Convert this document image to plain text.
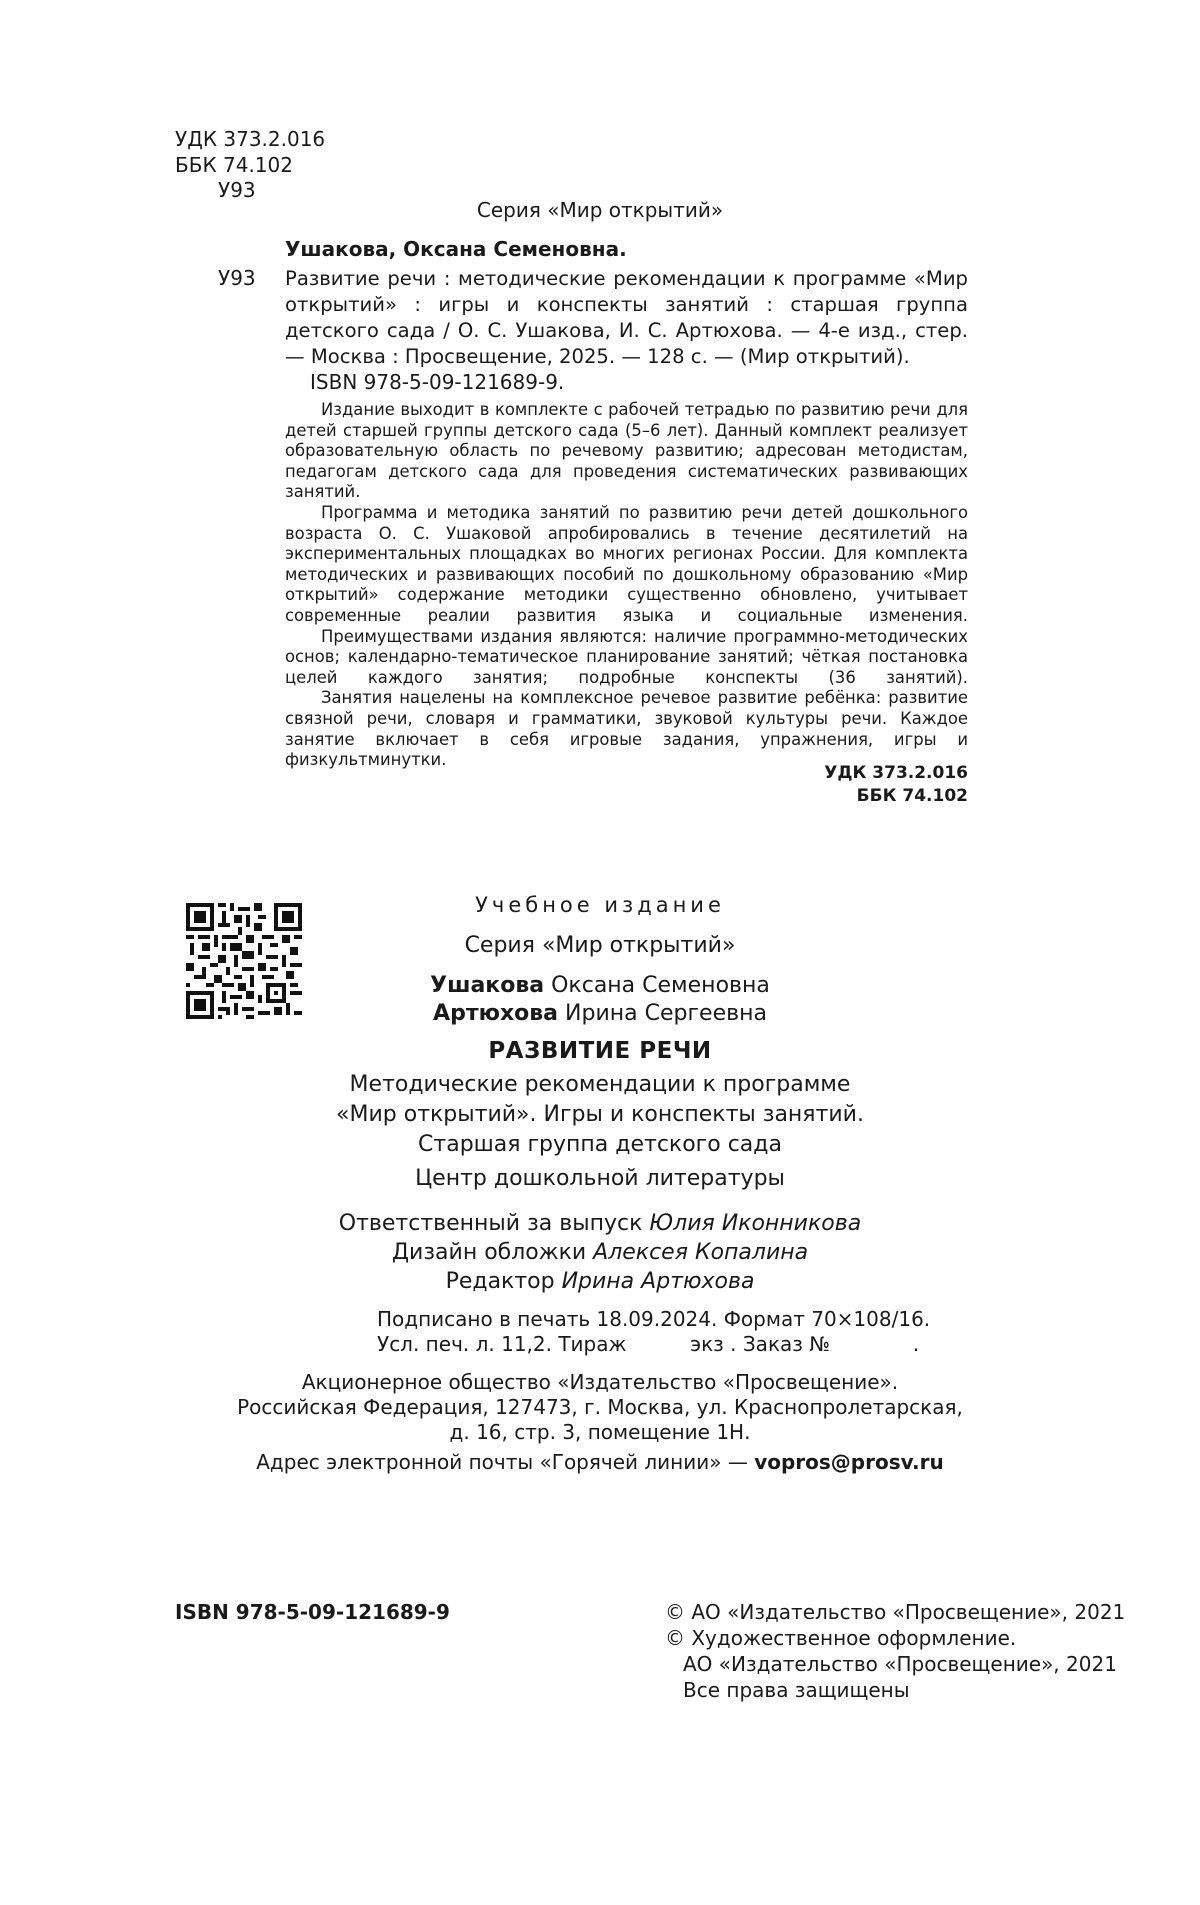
УДК 373.2.016
ББК 74.102
У93
Серия «Мир открытий»
Ушакова, Оксана Семеновна.
У93 Развитие речи : методические рекомендации к программе «Мир открытий» : игры и конспекты занятий : старшая группа детского сада / О. С. Ушакова, И. С. Артюхова. — 4-е изд., стер. — Москва : Просвещение, 2025. — 128 с. — (Мир открытий).
ISBN 978-5-09-121689-9.

Издание выходит в комплекте с рабочей тетрадью по развитию речи для детей старшей группы детского сада (5–6 лет). Данный комплект реализует образовательную область по речевому развитию; адресован методистам, педагогам детского сада для проведения систематических развивающих занятий.

Программа и методика занятий по развитию речи детей дошкольного возраста О. С. Ушаковой апробировались в течение десятилетий на экспериментальных площадках во многих регионах России. Для комплекта методических и развивающих пособий по дошкольному образованию «Мир открытий» содержание методики существенно обновлено, учитывает современные реалии развития языка и социальные изменения.

Преимуществами издания являются: наличие программно-методических основ; календарно-тематическое планирование занятий; чёткая постановка целей каждого занятия; подробные конспекты (36 занятий).

Занятия нацелены на комплексное речевое развитие ребёнка: развитие связной речи, словаря и грамматики, звуковой культуры речи. Каждое занятие включает в себя игровые задания, упражнения, игры и физкультминутки.

УДК 373.2.016
ББК 74.102
Учебное издание
Серия «Мир открытий»
Ушакова Оксана Семеновна
Артюхова Ирина Сергеевна
РАЗВИТИЕ РЕЧИ
Методические рекомендации к программе
«Мир открытий». Игры и конспекты занятий.
Старшая группа детского сада
Центр дошкольной литературы
Ответственный за выпуск Юлия Иконникова
Дизайн обложки Алексея Копалина
Редактор Ирина Артюхова
Подписано в печать 18.09.2024. Формат 70×108/16.
Усл. печ. л. 11,2. Тираж          экз . Заказ №             .
Акционерное общество «Издательство «Просвещение».
Российская Федерация, 127473, г. Москва, ул. Краснопролетарская,
д. 16, стр. 3, помещение 1Н.
Адрес электронной почты «Горячей линии» — vopros@prosv.ru
ISBN 978-5-09-121689-9	© АО «Издательство «Просвещение», 2021
© Художественное оформление.
АО «Издательство «Просвещение», 2021
Все права защищены
